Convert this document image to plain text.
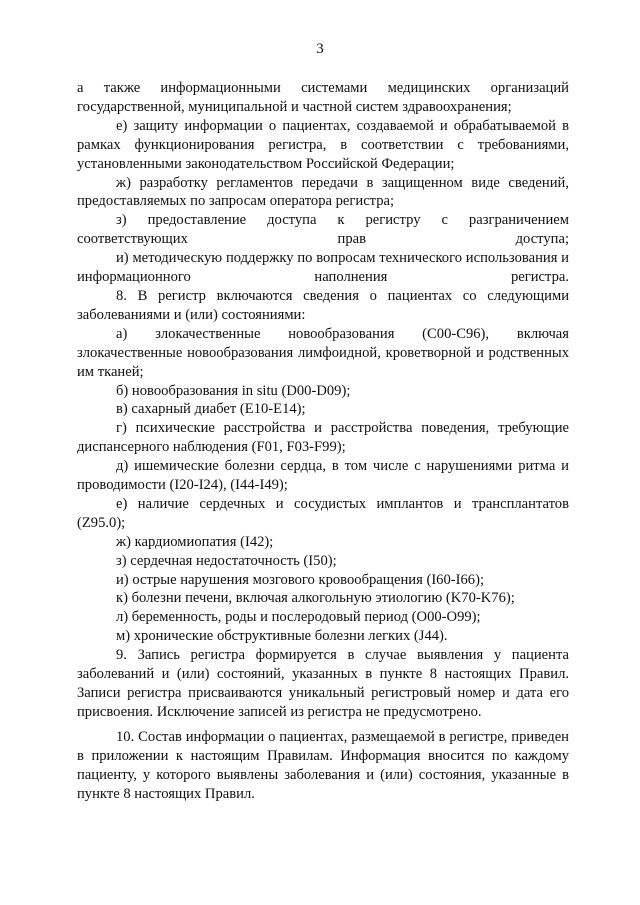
3

а также информационными системами медицинских организаций государственной, муниципальной и частной систем здравоохранения;

е) защиту информации о пациентах, создаваемой и обрабатываемой в рамках функционирования регистра, в соответствии с требованиями, установленными законодательством Российской Федерации;

ж) разработку регламентов передачи в защищенном виде сведений, предоставляемых по запросам оператора регистра;

з) предоставление доступа к регистру с разграничением соответствующих прав доступа;

и) методическую поддержку по вопросам технического использования и информационного наполнения регистра.

8. В регистр включаются сведения о пациентах со следующими заболеваниями и (или) состояниями:

а) злокачественные новообразования (C00-C96), включая злокачественные новообразования лимфоидной, кроветворной и родственных им тканей;

б) новообразования in situ (D00-D09);

в) сахарный диабет (E10-E14);

г) психические расстройства и расстройства поведения, требующие диспансерного наблюдения (F01, F03-F99);

д) ишемические болезни сердца, в том числе с нарушениями ритма и проводимости (I20-I24), (I44-I49);

е) наличие сердечных и сосудистых имплантов и трансплантатов (Z95.0);

ж) кардиомиопатия (I42);

з) сердечная недостаточность (I50);

и) острые нарушения мозгового кровообращения (I60-I66);

к) болезни печени, включая алкогольную этиологию (K70-K76);

л) беременность, роды и послеродовый период (O00-O99);

м) хронические обструктивные болезни легких (J44).

9. Запись регистра формируется в случае выявления у пациента заболеваний и (или) состояний, указанных в пункте 8 настоящих Правил. Записи регистра присваиваются уникальный регистровый номер и дата его присвоения. Исключение записей из регистра не предусмотрено.

10. Состав информации о пациентах, размещаемой в регистре, приведен в приложении к настоящим Правилам. Информация вносится по каждому пациенту, у которого выявлены заболевания и (или) состояния, указанные в пункте 8 настоящих Правил.
